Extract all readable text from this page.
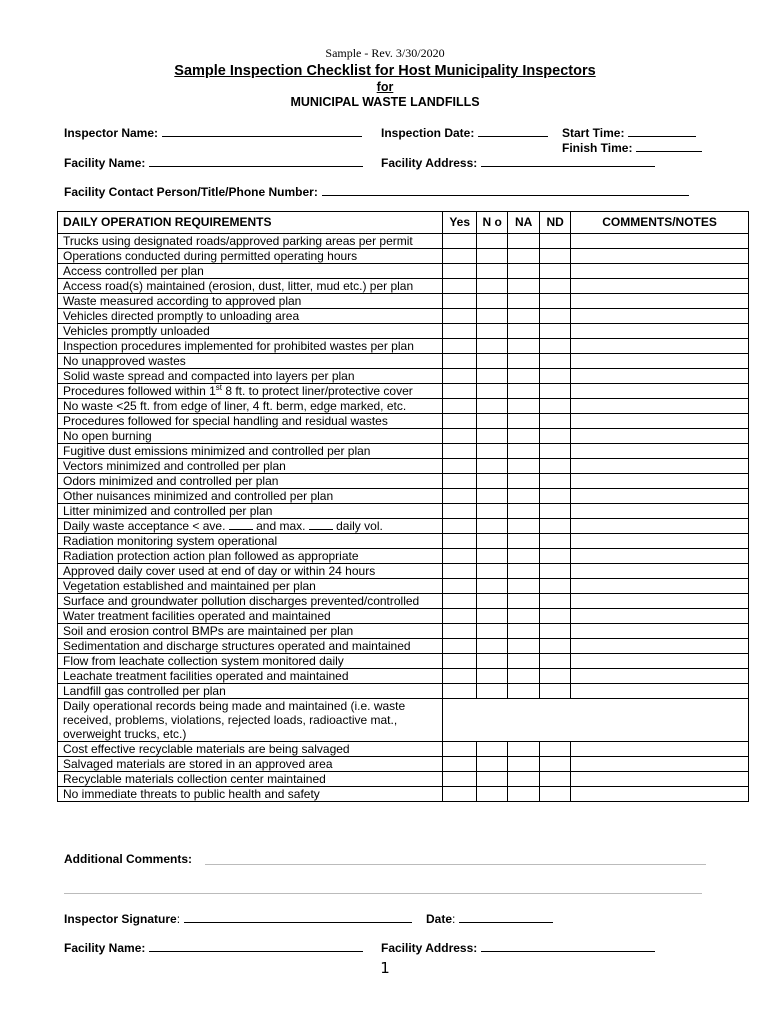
Sample - Rev. 3/30/2020
Sample Inspection Checklist for Host Municipality Inspectors
for
MUNICIPAL WASTE LANDFILLS
Inspector Name:	Inspection Date:	Start Time:
Finish Time:
Facility Name:	Facility Address:
Facility Contact Person/Title/Phone Number:
DAILY OPERATION REQUIREMENTS	Yes	N o	NA	ND	COMMENTS/NOTES
Trucks using designated roads/approved parking areas per permit					
Operations conducted during permitted operating hours					
Access controlled per plan					
Access road(s) maintained (erosion, dust, litter, mud etc.) per plan					
Waste measured according to approved plan					
Vehicles directed promptly to unloading area					
Vehicles promptly unloaded					
Inspection procedures implemented for prohibited wastes per plan					
No unapproved wastes					
Solid waste spread and compacted into layers per plan					
Procedures followed within 1st 8 ft. to protect liner/protective cover					
No waste <25 ft. from edge of liner, 4 ft. berm, edge marked, etc.					
Procedures followed for special handling and residual wastes					
No open burning					
Fugitive dust emissions minimized and controlled per plan					
Vectors minimized and controlled per plan					
Odors minimized and controlled per plan					
Other nuisances minimized and controlled per plan					
Litter minimized and controlled per plan					
Daily waste acceptance < ave.  and max.  daily vol.					
Radiation monitoring system operational					
Radiation protection action plan followed as appropriate					
Approved daily cover used at end of day or within 24 hours					
Vegetation established and maintained per plan					
Surface and groundwater pollution discharges prevented/controlled					
Water treatment facilities operated and maintained					
Soil and erosion control BMPs are maintained per plan					
Sedimentation and discharge structures operated and maintained					
Flow from leachate collection system monitored daily					
Leachate treatment facilities operated and maintained					
Landfill gas controlled per plan					
Daily operational records being made and maintained (i.e. waste received, problems, violations, rejected loads, radioactive mat., overweight trucks, etc.)					
Cost effective recyclable materials are being salvaged					
Salvaged materials are stored in an approved area					
Recyclable materials collection center maintained					
No immediate threats to public health and safety					
Additional Comments:
Inspector Signature:	Date:
Facility Name:	Facility Address:
1
